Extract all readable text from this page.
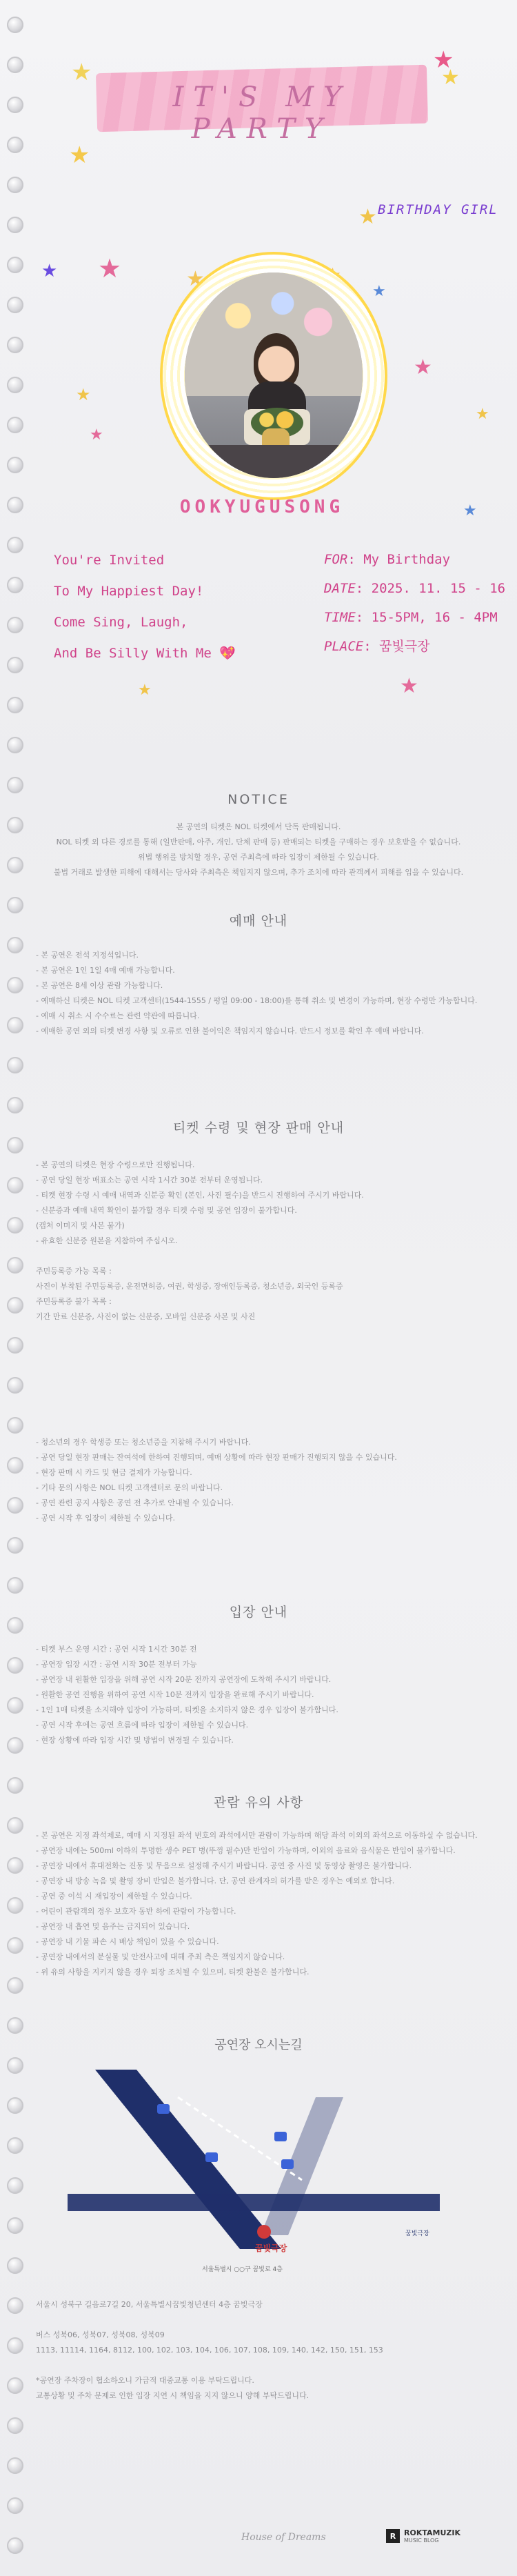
IT'S MY PARTY
BIRTHDAY GIRL
★	★
★
★
★ ★
★
★
★
★
★
★
★
★
★
OOKYUGUSONG
You're Invited
To My Happiest Day!
Come Sing, Laugh,
And Be Silly With Me 💖
FOR: My Birthday
DATE: 2025. 11. 15 - 16
TIME: 15-5PM, 16 - 4PM
PLACE: 꿈빛극장
NOTICE

본 공연의 티켓은 NOL 티켓에서 단독 판매됩니다.

NOL 티켓 외 다른 경로를 통해 (일반판매, 아주, 개인, 단체 판매 등) 판매되는 티켓을 구매하는 경우 보호받을 수 없습니다.

위법 행위를 방치할 경우, 공연 주최측에 따라 입장이 제한될 수 있습니다.

불법 거래로 발생한 피해에 대해서는 당사와 주최측은 책임지지 않으며, 추가 조치에 따라 관객께서 피해를 입을 수 있습니다.

예매 안내

- 본 공연은 전석 지정석입니다.

- 본 공연은 1인 1일 4매 예매 가능합니다.

- 본 공연은 8세 이상 관람 가능합니다.

- 예매하신 티켓은 NOL 티켓 고객센터(1544-1555 / 평일 09:00 - 18:00)를 통해 취소 및 변경이 가능하며, 현장 수령만 가능합니다.

- 예매 시 취소 시 수수료는 관련 약관에 따릅니다.

- 예매한 공연 외의 티켓 변경 사항 및 오류로 인한 불이익은 책임지지 않습니다. 반드시 정보를 확인 후 예매 바랍니다.

티켓 수령 및 현장 판매 안내

- 본 공연의 티켓은 현장 수령으로만 진행됩니다.

- 공연 당일 현장 매표소는 공연 시작 1시간 30분 전부터 운영됩니다.

- 티켓 현장 수령 시 예매 내역과 신분증 확인 (본인, 사진 필수)을 반드시 진행하여 주시기 바랍니다.

- 신분증과 예매 내역 확인이 불가할 경우 티켓 수령 및 공연 입장이 불가합니다.

(캡처 이미지 및 사본 불가)

- 유효한 신분증 원본을 지참하여 주십시오.

주민등록증 가능 목록 :

사진이 부착된 주민등록증, 운전면허증, 여권, 학생증, 장애인등록증, 청소년증, 외국인 등록증

주민등록증 불가 목록 :

기간 만료 신분증, 사진이 없는 신분증, 모바일 신분증 사본 및 사진

- 청소년의 경우 학생증 또는 청소년증을 지참해 주시기 바랍니다.

- 공연 당일 현장 판매는 잔여석에 한하여 진행되며, 예매 상황에 따라 현장 판매가 진행되지 않을 수 있습니다.

- 현장 판매 시 카드 및 현금 결제가 가능합니다.

- 기타 문의 사항은 NOL 티켓 고객센터로 문의 바랍니다.

- 공연 관련 공지 사항은 공연 전 추가로 안내될 수 있습니다.

- 공연 시작 후 입장이 제한될 수 있습니다.

입장 안내

- 티켓 부스 운영 시간 : 공연 시작 1시간 30분 전

- 공연장 입장 시간 : 공연 시작 30분 전부터 가능

- 공연장 내 원활한 입장을 위해 공연 시작 20분 전까지 공연장에 도착해 주시기 바랍니다.

- 원활한 공연 진행을 위하여 공연 시작 10분 전까지 입장을 완료해 주시기 바랍니다.

- 1인 1매 티켓을 소지해야 입장이 가능하며, 티켓을 소지하지 않은 경우 입장이 불가합니다.

- 공연 시작 후에는 공연 흐름에 따라 입장이 제한될 수 있습니다.

- 현장 상황에 따라 입장 시간 및 방법이 변경될 수 있습니다.

관람 유의 사항

- 본 공연은 지정 좌석제로, 예매 시 지정된 좌석 번호의 좌석에서만 관람이 가능하며 해당 좌석 이외의 좌석으로 이동하실 수 없습니다.

- 공연장 내에는 500ml 이하의 투명한 생수 PET 병(뚜껑 필수)만 반입이 가능하며, 이외의 음료와 음식물은 반입이 불가합니다.

- 공연장 내에서 휴대전화는 진동 및 무음으로 설정해 주시기 바랍니다. 공연 중 사진 및 동영상 촬영은 불가합니다.

- 공연장 내 방송 녹음 및 촬영 장비 반입은 불가합니다. 단, 공연 관계자의 허가를 받은 경우는 예외로 합니다.

- 공연 중 이석 시 재입장이 제한될 수 있습니다.

- 어린이 관람객의 경우 보호자 동반 하에 관람이 가능합니다.

- 공연장 내 흡연 및 음주는 금지되어 있습니다.

- 공연장 내 기물 파손 시 배상 책임이 있을 수 있습니다.

- 공연장 내에서의 분실물 및 안전사고에 대해 주최 측은 책임지지 않습니다.

- 위 유의 사항을 지키지 않을 경우 퇴장 조치될 수 있으며, 티켓 환불은 불가합니다.

공연장 오시는길
꿈빛극장
서울특별시 ○○구 꿈빛로 4층
꿈빛극장

서울시 성북구 길음로7길 20, 서울특별시꿈빛청년센터 4층 꿈빛극장

버스 성북06, 성북07, 성북08, 성북09

1113, 11114, 1164, 8112, 100, 102, 103, 104, 106, 107, 108, 109, 140, 142, 150, 151, 153

*공연장 주차장이 협소하오니 가급적 대중교통 이용 부탁드립니다.

교통상황 및 주차 문제로 인한 입장 지연 시 책임을 지지 않으니 양해 부탁드립니다.

House of Dreams	R	ROKTAMUZIK
MUSIC BLOG
